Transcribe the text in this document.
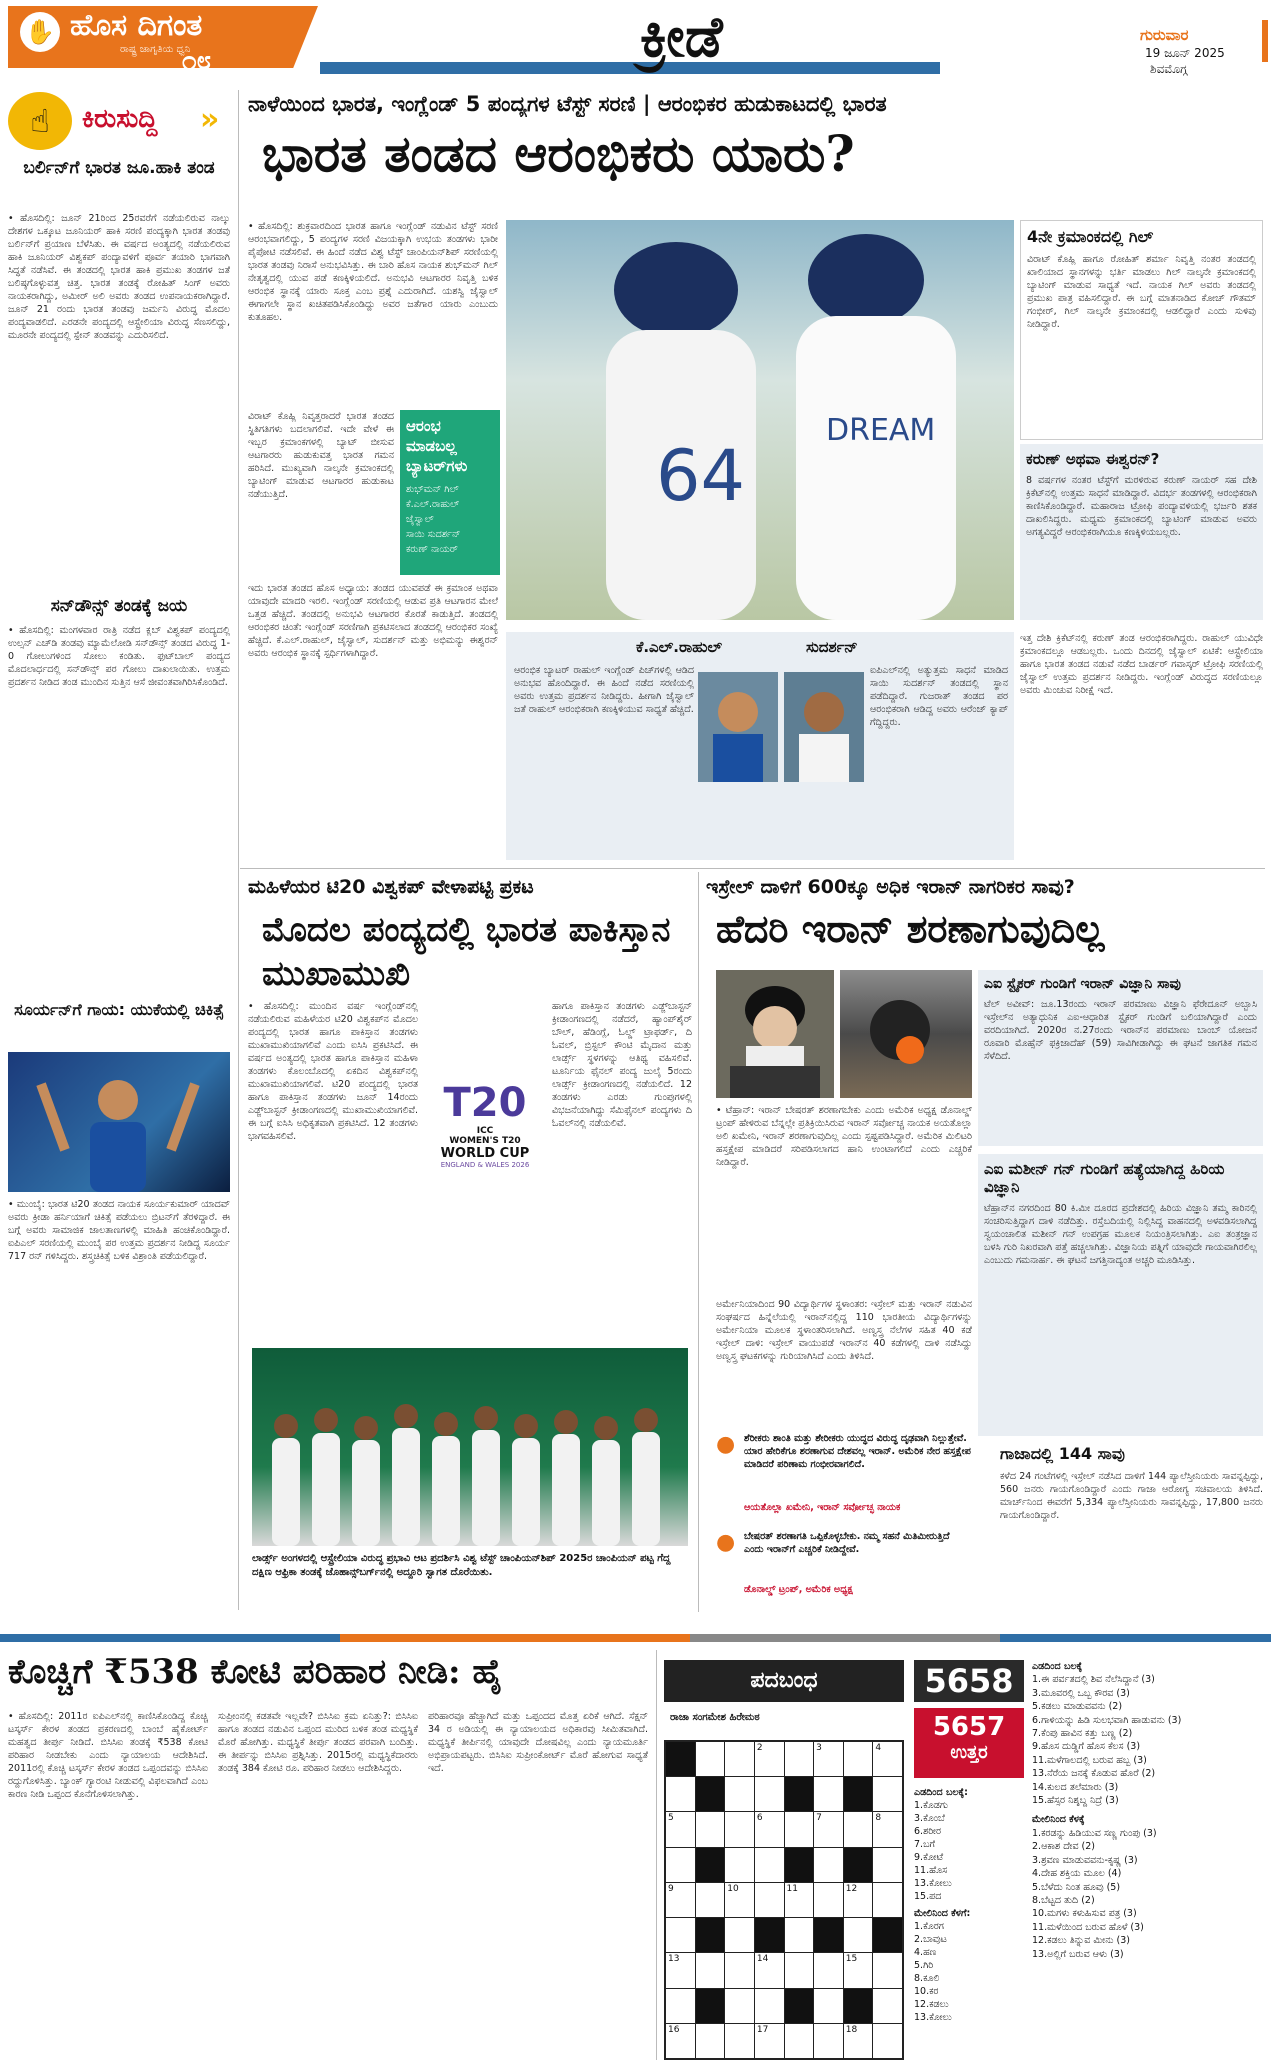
✋ ಹೊಸ ದಿಗಂತ
ರಾಷ್ಟ್ರ ಜಾಗೃತಿಯ ಧ್ವನಿ
೧೮	ಕ್ರೀಡೆ	ಗುರುವಾರ
19 ಜೂನ್ 2025
ಶಿವಮೊಗ್ಗ
☝	ಕಿರುಸುದ್ದಿ »
ಬರ್ಲಿನ್‌ಗೆ ಭಾರತ ಜೂ.ಹಾಕಿ ತಂಡ
• ಹೊಸದಿಲ್ಲಿ: ಜೂನ್ 21ರಿಂದ 25ರವರೆಗೆ ನಡೆಯಲಿರುವ ನಾಲ್ಕು ದೇಶಗಳ ಒಕ್ಕೂಟ ಜೂನಿಯರ್ ಹಾಕಿ ಸರಣಿ ಪಂದ್ಯಕ್ಕಾಗಿ ಭಾರತ ತಂಡವು ಬರ್ಲಿನ್‌ಗೆ ಪ್ರಯಾಣ ಬೆಳೆಸಿತು. ಈ ವರ್ಷದ ಅಂತ್ಯದಲ್ಲಿ ನಡೆಯಲಿರುವ ಹಾಕಿ ಜೂನಿಯರ್ ವಿಶ್ವಕಪ್ ಪಂದ್ಯಾವಳಿಗೆ ಪೂರ್ವ ತಯಾರಿ ಭಾಗವಾಗಿ ಸಿದ್ಧತೆ ನಡೆಸಿವೆ. ಈ ತಂಡದಲ್ಲಿ ಭಾರತ ಹಾಕಿ ಪ್ರಮುಖ ತಂಡಗಳ ಜತೆ ಬಲಿಷ್ಠಗೊಳ್ಳುವತ್ತ ಚಿತ್ತ. ಭಾರತ ತಂಡಕ್ಕೆ ರೋಹಿತ್ ಸಿಂಗ್ ಅವರು ನಾಯಕರಾಗಿದ್ದು, ಅಮೀರ್ ಅಲಿ ಅವರು ತಂಡದ ಉಪನಾಯಕರಾಗಿದ್ದಾರೆ. ಜೂನ್ 21 ರಂದು ಭಾರತ ತಂಡವು ಜರ್ಮನಿ ವಿರುದ್ಧ ಮೊದಲ ಪಂದ್ಯವಾಡಲಿದೆ. ಎರಡನೇ ಪಂದ್ಯದಲ್ಲಿ ಆಸ್ಟ್ರೇಲಿಯಾ ವಿರುದ್ಧ ಸೆಣಸಲಿದ್ದು, ಮೂರನೇ ಪಂದ್ಯದಲ್ಲಿ ಸ್ಪೇನ್ ತಂಡವನ್ನು ಎದುರಿಸಲಿದೆ.
ಸನ್‌ಡೌನ್ಸ್ ತಂಡಕ್ಕೆ ಜಯ
• ಹೊಸದಿಲ್ಲಿ: ಮಂಗಳವಾರ ರಾತ್ರಿ ನಡೆದ ಕ್ಲಬ್ ವಿಶ್ವಕಪ್ ಪಂದ್ಯದಲ್ಲಿ ಉಲ್ಸನ್ ಎಚ್‌ಡಿ ತಂಡವು ಮ್ಯಾಮೆಲೋಡಿ ಸನ್‌ಡೌನ್ಸ್ ತಂಡದ ವಿರುದ್ಧ 1-0 ಗೋಲುಗಳಿಂದ ಸೋಲು ಕಂಡಿತು. ಫುಟ್‌ಬಾಲ್ ಪಂದ್ಯದ ಮೊದಲಾರ್ಧದಲ್ಲಿ ಸನ್‌ಡೌನ್ಸ್ ಪರ ಗೋಲು ದಾಖಲಾಯಿತು. ಉತ್ತಮ ಪ್ರದರ್ಶನ ನೀಡಿದ ತಂಡ ಮುಂದಿನ ಸುತ್ತಿನ ಆಸೆ ಜೀವಂತವಾಗಿರಿಸಿಕೊಂಡಿದೆ.
ಸೂರ್ಯನ್‌ಗೆ ಗಾಯ: ಯುಕೆಯಲ್ಲಿ ಚಿಕಿತ್ಸೆ
• ಮುಂಬೈ: ಭಾರತ ಟಿ20 ತಂಡದ ನಾಯಕ ಸೂರ್ಯಕುಮಾರ್ ಯಾದವ್ ಅವರು ಕ್ರೀಡಾ ಹರ್ನಿಯಾಗೆ ಚಿಕಿತ್ಸೆ ಪಡೆಯಲು ಬ್ರಿಟನ್‌ಗೆ ತೆರಳಿದ್ದಾರೆ. ಈ ಬಗ್ಗೆ ಅವರು ಸಾಮಾಜಿಕ ಜಾಲತಾಣಗಳಲ್ಲಿ ಮಾಹಿತಿ ಹಂಚಿಕೊಂಡಿದ್ದಾರೆ. ಐಪಿಎಲ್ ಸರಣಿಯಲ್ಲಿ ಮುಂಬೈ ಪರ ಉತ್ತಮ ಪ್ರದರ್ಶನ ನೀಡಿದ್ದ ಸೂರ್ಯ 717 ರನ್ ಗಳಿಸಿದ್ದರು. ಶಸ್ತ್ರಚಿಕಿತ್ಸೆ ಬಳಿಕ ವಿಶ್ರಾಂತಿ ಪಡೆಯಲಿದ್ದಾರೆ.
ನಾಳೆಯಿಂದ ಭಾರತ, ಇಂಗ್ಲೆಂಡ್ 5 ಪಂದ್ಯಗಳ ಟೆಸ್ಟ್ ಸರಣಿ | ಆರಂಭಿಕರ ಹುಡುಕಾಟದಲ್ಲಿ ಭಾರತ
ಭಾರತ ತಂಡದ ಆರಂಭಿಕರು ಯಾರು?
• ಹೊಸದಿಲ್ಲಿ: ಶುಕ್ರವಾರದಿಂದ ಭಾರತ ಹಾಗೂ ಇಂಗ್ಲೆಂಡ್ ನಡುವಿನ ಟೆಸ್ಟ್ ಸರಣಿ ಆರಂಭವಾಗಲಿದ್ದು, 5 ಪಂದ್ಯಗಳ ಸರಣಿ ವಿಜಯಕ್ಕಾಗಿ ಉಭಯ ತಂಡಗಳು ಭಾರೀ ಪೈಪೋಟಿ ನಡೆಸಲಿವೆ. ಈ ಹಿಂದೆ ನಡೆದ ವಿಶ್ವ ಟೆಸ್ಟ್ ಚಾಂಪಿಯನ್‌ಶಿಪ್ ಸರಣಿಯಲ್ಲಿ ಭಾರತ ತಂಡವು ನಿರಾಸೆ ಅನುಭವಿಸಿತ್ತು. ಈ ಬಾರಿ ಹೊಸ ನಾಯಕ ಶುಭ್‌ಮನ್ ಗಿಲ್ ನೇತೃತ್ವದಲ್ಲಿ ಯುವ ಪಡೆ ಕಣಕ್ಕಿಳಿಯಲಿದೆ. ಅನುಭವಿ ಆಟಗಾರರ ನಿವೃತ್ತಿ ಬಳಿಕ ಆರಂಭಿಕ ಸ್ಥಾನಕ್ಕೆ ಯಾರು ಸೂಕ್ತ ಎಂಬ ಪ್ರಶ್ನೆ ಎದುರಾಗಿದೆ. ಯಶಸ್ವಿ ಜೈಸ್ವಾಲ್ ಈಗಾಗಲೇ ಸ್ಥಾನ ಖಚಿತಪಡಿಸಿಕೊಂಡಿದ್ದು ಅವರ ಜತೆಗಾರ ಯಾರು ಎಂಬುದು ಕುತೂಹಲ.
ಆರಂಭ ಮಾಡಬಲ್ಲ ಬ್ಯಾಟರ್‌ಗಳು
ಶುಭ್‌ಮನ್ ಗಿಲ್
ಕೆ.ಎಲ್.ರಾಹುಲ್
ಜೈಸ್ವಾಲ್
ಸಾಯಿ ಸುದರ್ಶನ್
ಕರುಣ್ ನಾಯರ್
ವಿರಾಟ್ ಕೊಹ್ಲಿ ನಿವೃತ್ತರಾದರೆ ಭಾರತ ತಂಡದ ಸ್ಥಿತಿಗತಿಗಳು ಬದಲಾಗಲಿವೆ. ಇದೇ ವೇಳೆ ಈ ಇಬ್ಬರ ಕ್ರಮಾಂಕಗಳಲ್ಲಿ ಬ್ಯಾಟ್ ಬೀಸುವ ಆಟಗಾರರು ಹುಡುಕುವತ್ತ ಭಾರತ ಗಮನ ಹರಿಸಿದೆ. ಮುಖ್ಯವಾಗಿ ನಾಲ್ಕನೇ ಕ್ರಮಾಂಕದಲ್ಲಿ ಬ್ಯಾಟಿಂಗ್ ಮಾಡುವ ಆಟಗಾರರ ಹುಡುಕಾಟ ನಡೆಯುತ್ತಿದೆ.
ಇದು ಭಾರತ ತಂಡದ ಹೊಸ ಅಧ್ಯಾಯ: ತಂಡದ ಯುವಪಡೆ ಈ ಕ್ರಮಾಂಕ ಅಥವಾ ಯಾವುದೇ ಮಾದರಿ ಇರಲಿ. ಇಂಗ್ಲೆಂಡ್ ಸರಣಿಯಲ್ಲಿ ಆಡುವ ಪ್ರತಿ ಆಟಗಾರನ ಮೇಲೆ ಒತ್ತಡ ಹೆಚ್ಚಿದೆ. ತಂಡದಲ್ಲಿ ಅನುಭವಿ ಆಟಗಾರರ ಕೊರತೆ ಕಾಡುತ್ತಿದೆ. ತಂಡದಲ್ಲಿ ಆರಂಭಿಕರ ಚಿಂತೆ: ಇಂಗ್ಲೆಂಡ್ ಸರಣಿಗಾಗಿ ಪ್ರಕಟಿಸಲಾದ ತಂಡದಲ್ಲಿ ಆರಂಭಿಕರ ಸಂಖ್ಯೆ ಹೆಚ್ಚಿದೆ. ಕೆ.ಎಲ್.ರಾಹುಲ್, ಜೈಸ್ವಾಲ್, ಸುದರ್ಶನ್ ಮತ್ತು ಅಭಿಮನ್ಯು ಈಶ್ವರನ್ ಅವರು ಆರಂಭಿಕ ಸ್ಥಾನಕ್ಕೆ ಸ್ಪರ್ಧಿಗಳಾಗಿದ್ದಾರೆ.
64
DREAM
4ನೇ ಕ್ರಮಾಂಕದಲ್ಲಿ ಗಿಲ್
ವಿರಾಟ್ ಕೊಹ್ಲಿ ಹಾಗೂ ರೋಹಿತ್ ಶರ್ಮಾ ನಿವೃತ್ತಿ ನಂತರ ತಂಡದಲ್ಲಿ ಖಾಲಿಯಾದ ಸ್ಥಾನಗಳನ್ನು ಭರ್ತಿ ಮಾಡಲು ಗಿಲ್ ನಾಲ್ಕನೇ ಕ್ರಮಾಂಕದಲ್ಲಿ ಬ್ಯಾಟಿಂಗ್ ಮಾಡುವ ಸಾಧ್ಯತೆ ಇದೆ. ನಾಯಕ ಗಿಲ್ ಅವರು ತಂಡದಲ್ಲಿ ಪ್ರಮುಖ ಪಾತ್ರ ವಹಿಸಲಿದ್ದಾರೆ. ಈ ಬಗ್ಗೆ ಮಾತನಾಡಿದ ಕೋಚ್ ಗೌತಮ್ ಗಂಭೀರ್, ಗಿಲ್ ನಾಲ್ಕನೇ ಕ್ರಮಾಂಕದಲ್ಲಿ ಆಡಲಿದ್ದಾರೆ ಎಂದು ಸುಳಿವು ನೀಡಿದ್ದಾರೆ.
ಕರುಣ್ ಅಥವಾ ಈಶ್ವರನ್?
8 ವರ್ಷಗಳ ನಂತರ ಟೆಸ್ಟ್‌ಗೆ ಮರಳಿರುವ ಕರುಣ್ ನಾಯರ್ ಸಹ ದೇಶಿ ಕ್ರಿಕೆಟ್‌ನಲ್ಲಿ ಉತ್ತಮ ಸಾಧನೆ ಮಾಡಿದ್ದಾರೆ. ವಿದರ್ಭ ತಂಡಗಳಲ್ಲಿ ಆರಂಭಿಕರಾಗಿ ಕಾಣಿಸಿಕೊಂಡಿದ್ದಾರೆ. ಮಹಾರಾಜ ಟ್ರೋಫಿ ಪಂದ್ಯಾವಳಿಯಲ್ಲಿ ಭರ್ಜರಿ ಶತಕ ದಾಖಲಿಸಿದ್ದರು. ಮಧ್ಯಮ ಕ್ರಮಾಂಕದಲ್ಲಿ ಬ್ಯಾಟಿಂಗ್ ಮಾಡುವ ಅವರು ಅಗತ್ಯವಿದ್ದರೆ ಆರಂಭಿಕರಾಗಿಯೂ ಕಣಕ್ಕಿಳಿಯಬಲ್ಲರು.
ಕೆ.ಎಲ್.ರಾಹುಲ್	ಸುದರ್ಶನ್
ಆರಂಭಿಕ ಬ್ಯಾಟರ್ ರಾಹುಲ್ ಇಂಗ್ಲೆಂಡ್ ಪಿಚ್‌ಗಳಲ್ಲಿ ಆಡಿದ ಅನುಭವ ಹೊಂದಿದ್ದಾರೆ. ಈ ಹಿಂದೆ ನಡೆದ ಸರಣಿಯಲ್ಲಿ ಅವರು ಉತ್ತಮ ಪ್ರದರ್ಶನ ನೀಡಿದ್ದರು. ಹೀಗಾಗಿ ಜೈಸ್ವಾಲ್ ಜತೆ ರಾಹುಲ್ ಆರಂಭಿಕರಾಗಿ ಕಣಕ್ಕಿಳಿಯುವ ಸಾಧ್ಯತೆ ಹೆಚ್ಚಿದೆ.
ಐಪಿಎಲ್‌ನಲ್ಲಿ ಅತ್ಯುತ್ತಮ ಸಾಧನೆ ಮಾಡಿದ ಸಾಯಿ ಸುದರ್ಶನ್ ತಂಡದಲ್ಲಿ ಸ್ಥಾನ ಪಡೆದಿದ್ದಾರೆ. ಗುಜರಾತ್ ತಂಡದ ಪರ ಆರಂಭಿಕರಾಗಿ ಆಡಿದ್ದ ಅವರು ಆರೆಂಜ್ ಕ್ಯಾಪ್ ಗೆದ್ದಿದ್ದರು.
ಇತ್ತ ದೇಶಿ ಕ್ರಿಕೆಟ್‌ನಲ್ಲಿ ಕರುಣ್ ತಂಡ ಆರಂಭಿಕರಾಗಿದ್ದರು. ರಾಹುಲ್ ಯುವಿಧೇ ಕ್ರಮಾಂಕದಲ್ಲೂ ಆಡಬಲ್ಲರು. ಒಂದು ದಿನದಲ್ಲಿ ಜೈಸ್ವಾಲ್ ಏಟಿಕೆ: ಆಸ್ಟ್ರೇಲಿಯಾ ಹಾಗೂ ಭಾರತ ತಂಡದ ನಡುವೆ ನಡೆದ ಬಾರ್ಡರ್ ಗವಾಸ್ಕರ್ ಟ್ರೋಫಿ ಸರಣಿಯಲ್ಲಿ ಜೈಸ್ವಾಲ್ ಉತ್ತಮ ಪ್ರದರ್ಶನ ನೀಡಿದ್ದರು. ಇಂಗ್ಲೆಂಡ್ ವಿರುದ್ಧದ ಸರಣಿಯಲ್ಲೂ ಅವರು ಮಿಂಚುವ ನಿರೀಕ್ಷೆ ಇದೆ.
ಮಹಿಳೆಯರ ಟಿ20 ವಿಶ್ವಕಪ್ ವೇಳಾಪಟ್ಟಿ ಪ್ರಕಟ
ಮೊದಲ ಪಂದ್ಯದಲ್ಲಿ ಭಾರತ ಪಾಕಿಸ್ತಾನ ಮುಖಾಮುಖಿ
• ಹೊಸದಿಲ್ಲಿ: ಮುಂದಿನ ವರ್ಷ ಇಂಗ್ಲೆಂಡ್‌ನಲ್ಲಿ ನಡೆಯಲಿರುವ ಮಹಿಳೆಯರ ಟಿ20 ವಿಶ್ವಕಪ್‌ನ ಮೊದಲ ಪಂದ್ಯದಲ್ಲಿ ಭಾರತ ಹಾಗೂ ಪಾಕಿಸ್ತಾನ ತಂಡಗಳು ಮುಖಾಮುಖಿಯಾಗಲಿವೆ ಎಂದು ಐಸಿಸಿ ಪ್ರಕಟಿಸಿದೆ. ಈ ವರ್ಷದ ಅಂತ್ಯದಲ್ಲಿ ಭಾರತ ಹಾಗೂ ಪಾಕಿಸ್ತಾನ ಮಹಿಳಾ ತಂಡಗಳು ಕೊಲಂಬೊದಲ್ಲಿ ಏಕದಿನ ವಿಶ್ವಕಪ್‌ನಲ್ಲಿ ಮುಖಾಮುಖಿಯಾಗಲಿವೆ. ಟಿ20 ಪಂದ್ಯದಲ್ಲಿ ಭಾರತ ಹಾಗೂ ಪಾಕಿಸ್ತಾನ ತಂಡಗಳು ಜೂನ್ 14ರಂದು ಎಡ್ಜ್‌ಬಾಸ್ಟನ್ ಕ್ರೀಡಾಂಗಣದಲ್ಲಿ ಮುಖಾಮುಖಿಯಾಗಲಿವೆ. ಈ ಬಗ್ಗೆ ಐಸಿಸಿ ಅಧಿಕೃತವಾಗಿ ಪ್ರಕಟಿಸಿದೆ. 12 ತಂಡಗಳು ಭಾಗವಹಿಸಲಿವೆ.
T20
ICC
WOMEN'S T20
WORLD CUP
ENGLAND & WALES 2026
ಹಾಗೂ ಪಾಕಿಸ್ತಾನ ತಂಡಗಳು ಎಡ್ಜ್‌ಬಾಸ್ಟನ್ ಕ್ರೀಡಾಂಗಣದಲ್ಲಿ ನಡೆದರೆ, ಹ್ಯಾಂಪ್‌ಶೈರ್ ಬೌಲ್, ಹೆಡಿಂಗ್ಲೆ, ಓಲ್ಡ್ ಟ್ರಾಫರ್ಡ್, ದಿ ಓವಲ್, ಬ್ರಿಸ್ಟಲ್ ಕೌಂಟಿ ಮೈದಾನ ಮತ್ತು ಲಾರ್ಡ್ಸ್ ಸ್ಥಳಗಳನ್ನು ಆತಿಥ್ಯ ವಹಿಸಲಿವೆ. ಟೂರ್ನಿಯ ಫೈನಲ್ ಪಂದ್ಯ ಜುಲೈ 5ರಂದು ಲಾರ್ಡ್ಸ್ ಕ್ರೀಡಾಂಗಣದಲ್ಲಿ ನಡೆಯಲಿದೆ. 12 ತಂಡಗಳು ಎರಡು ಗುಂಪುಗಳಲ್ಲಿ ವಿಭಜನೆಯಾಗಿದ್ದು ಸೆಮಿಫೈನಲ್ ಪಂದ್ಯಗಳು ದಿ ಓವಲ್‌ನಲ್ಲಿ ನಡೆಯಲಿವೆ.
ಲಾರ್ಡ್ಸ್ ಅಂಗಳದಲ್ಲಿ ಆಸ್ಟ್ರೇಲಿಯಾ ವಿರುದ್ಧ ಪ್ರಭಾವಿ ಆಟ ಪ್ರದರ್ಶಿಸಿ ವಿಶ್ವ ಟೆಸ್ಟ್ ಚಾಂಪಿಯನ್‌ಶಿಪ್ 2025ರ ಚಾಂಪಿಯನ್ ಪಟ್ಟ ಗೆದ್ದ ದಕ್ಷಿಣ ಆಫ್ರಿಕಾ ತಂಡಕ್ಕೆ ಜೊಹಾನ್ಸ್‌ಬರ್ಗ್‌ನಲ್ಲಿ ಅದ್ದೂರಿ ಸ್ವಾಗತ ದೊರೆಯಿತು.
ಇಸ್ರೇಲ್ ದಾಳಿಗೆ 600ಕ್ಕೂ ಅಧಿಕ ಇರಾನ್ ನಾಗರಿಕರ ಸಾವು?
ಹೆದರಿ ಇರಾನ್ ಶರಣಾಗುವುದಿಲ್ಲ
• ಟೆಹ್ರಾನ್: ಇರಾನ್ ಬೇಷರತ್ ಶರಣಾಗಬೇಕು ಎಂದು ಅಮೆರಿಕ ಅಧ್ಯಕ್ಷ ಡೊನಾಲ್ಡ್ ಟ್ರಂಪ್ ಹೇಳಿರುವ ಬೆನ್ನಲ್ಲೇ ಪ್ರತಿಕ್ರಿಯಿಸಿರುವ ಇರಾನ್ ಸರ್ವೋಚ್ಚ ನಾಯಕ ಅಯತೊಲ್ಲಾ ಅಲಿ ಖಮೇನಿ, ಇರಾನ್ ಶರಣಾಗುವುದಿಲ್ಲ ಎಂದು ಸ್ಪಷ್ಟಪಡಿಸಿದ್ದಾರೆ. ಅಮೆರಿಕ ಮಿಲಿಟರಿ ಹಸ್ತಕ್ಷೇಪ ಮಾಡಿದರೆ ಸರಿಪಡಿಸಲಾಗದ ಹಾನಿ ಉಂಟಾಗಲಿದೆ ಎಂದು ಎಚ್ಚರಿಕೆ ನೀಡಿದ್ದಾರೆ.
ಅರ್ಮೇನಿಯಾದಿಂದ 90 ವಿದ್ಯಾರ್ಥಿಗಳ ಸ್ಥಳಾಂತರ: ಇಸ್ರೇಲ್ ಮತ್ತು ಇರಾನ್ ನಡುವಿನ ಸಂಘರ್ಷದ ಹಿನ್ನೆಲೆಯಲ್ಲಿ ಇರಾನ್‌ನಲ್ಲಿದ್ದ 110 ಭಾರತೀಯ ವಿದ್ಯಾರ್ಥಿಗಳನ್ನು ಅರ್ಮೇನಿಯಾ ಮೂಲಕ ಸ್ಥಳಾಂತರಿಸಲಾಗಿದೆ. ಅಣ್ವಸ್ತ್ರ ನೆಲೆಗಳ ಸಹಿತ 40 ಕಡೆ ಇಸ್ರೇಲ್ ದಾಳಿ: ಇಸ್ರೇಲ್ ವಾಯುಪಡೆ ಇರಾನ್‌ನ 40 ಕಡೆಗಳಲ್ಲಿ ದಾಳಿ ನಡೆಸಿದ್ದು ಅಣ್ವಸ್ತ್ರ ಘಟಕಗಳನ್ನು ಗುರಿಯಾಗಿಸಿದೆ ಎಂದು ತಿಳಿಸಿದೆ.
ಎಐ ಸ್ಟೈಕರ್ ಗುಂಡಿಗೆ ಇರಾನ್ ವಿಜ್ಞಾನಿ ಸಾವು
ಟೆಲ್ ಅವೀವ್: ಜೂ.13ರಂದು ಇರಾನ್ ಪರಮಾಣು ವಿಜ್ಞಾನಿ ಫೆರೇದೂನ್ ಅಬ್ಬಾಸಿ ಇಸ್ರೇಲ್‌ನ ಅತ್ಯಾಧುನಿಕ ಎಐ-ಆಧಾರಿತ ಸ್ಟೈಕರ್ ಗುಂಡಿಗೆ ಬಲಿಯಾಗಿದ್ದಾರೆ ಎಂದು ವರದಿಯಾಗಿದೆ. 2020ರ ನ.27ರಂದು ಇರಾನ್‌ನ ಪರಮಾಣು ಬಾಂಬ್ ಯೋಜನೆ ರೂವಾರಿ ಮೊಹ್ಸೆನ್ ಫಕ್ರಿಜಾದೆಹ್ (59) ಸಾವಿಗೀಡಾಗಿದ್ದು ಈ ಘಟನೆ ಜಾಗತಿಕ ಗಮನ ಸೆಳೆದಿದೆ.
ಎಐ ಮಶೀನ್ ಗನ್ ಗುಂಡಿಗೆ ಹತ್ಯೆಯಾಗಿದ್ದ ಹಿರಿಯ ವಿಜ್ಞಾನಿ
ಟೆಹ್ರಾನ್‌ನ ನಗರದಿಂದ 80 ಕಿ.ಮೀ ದೂರದ ಪ್ರದೇಶದಲ್ಲಿ ಹಿರಿಯ ವಿಜ್ಞಾನಿ ತಮ್ಮ ಕಾರಿನಲ್ಲಿ ಸಂಚರಿಸುತ್ತಿದ್ದಾಗ ದಾಳಿ ನಡೆದಿತ್ತು. ರಸ್ತೆಬದಿಯಲ್ಲಿ ನಿಲ್ಲಿಸಿದ್ದ ವಾಹನದಲ್ಲಿ ಅಳವಡಿಸಲಾಗಿದ್ದ ಸ್ವಯಂಚಾಲಿತ ಮಶೀನ್ ಗನ್ ಉಪಗ್ರಹ ಮೂಲಕ ನಿಯಂತ್ರಿಸಲಾಗಿತ್ತು. ಎಐ ತಂತ್ರಜ್ಞಾನ ಬಳಸಿ ಗುರಿ ನಿಖರವಾಗಿ ಪತ್ತೆ ಹಚ್ಚಲಾಗಿತ್ತು. ವಿಜ್ಞಾನಿಯ ಪತ್ನಿಗೆ ಯಾವುದೇ ಗಾಯವಾಗಿರಲಿಲ್ಲ ಎಂಬುದು ಗಮನಾರ್ಹ. ಈ ಘಟನೆ ಜಗತ್ತಿನಾದ್ಯಂತ ಅಚ್ಚರಿ ಮೂಡಿಸಿತ್ತು.
● ಶೆರೀಕರು ಶಾಂತಿ ಮತ್ತು ಶೇರೀಕರು ಯುದ್ಧದ ವಿರುದ್ಧ ದೃಢವಾಗಿ ನಿಲ್ಲುತ್ತೇವೆ. ಯಾರ ಹೇರಿಕೆಗೂ ಶರಣಾಗುವ ದೇಶವಲ್ಲ ಇರಾನ್. ಅಮೆರಿಕ ನೇರ ಹಸ್ತಕ್ಷೇಪ ಮಾಡಿದರೆ ಪರಿಣಾಮ ಗಂಭೀರವಾಗಲಿದೆ.
ಆಯತೊಲ್ಲಾ ಖಮೇನಿ, ಇರಾನ್ ಸರ್ವೋಚ್ಛ ನಾಯಕ
● ಬೇಷರತ್ ಶರಣಾಗತಿ ಒಪ್ಪಿಕೊಳ್ಳಬೇಕು. ನಮ್ಮ ಸಹನೆ ಮಿತಿಮೀರುತ್ತಿದೆ ಎಂದು ಇರಾನ್‌ಗೆ ಎಚ್ಚರಿಕೆ ನೀಡಿದ್ದೇವೆ.
ಡೊನಾಲ್ಡ್ ಟ್ರಂಪ್, ಅಮೆರಿಕ ಅಧ್ಯಕ್ಷ
ಗಾಜಾದಲ್ಲಿ 144 ಸಾವು
ಕಳೆದ 24 ಗಂಟೆಗಳಲ್ಲಿ ಇಸ್ರೇಲ್ ನಡೆಸಿದ ದಾಳಿಗೆ 144 ಪ್ಯಾಲೆಸ್ತೀನಿಯರು ಸಾವನ್ನಪ್ಪಿದ್ದು, 560 ಜನರು ಗಾಯಗೊಂಡಿದ್ದಾರೆ ಎಂದು ಗಾಜಾ ಆರೋಗ್ಯ ಸಚಿವಾಲಯ ತಿಳಿಸಿದೆ. ಮಾರ್ಚ್‌ನಿಂದ ಈವರೆಗೆ 5,334 ಪ್ಯಾಲೆಸ್ತೀನಿಯರು ಸಾವನ್ನಪ್ಪಿದ್ದು, 17,800 ಜನರು ಗಾಯಗೊಂಡಿದ್ದಾರೆ.
ಕೊಚ್ಚಿಗೆ ₹538 ಕೋಟಿ ಪರಿಹಾರ ನೀಡಿ: ಹೈ
• ಹೊಸದಿಲ್ಲಿ: 2011ರ ಐಪಿಎಲ್‌ನಲ್ಲಿ ಕಾಣಿಸಿಕೊಂಡಿದ್ದ ಕೊಚ್ಚಿ ಟಸ್ಕರ್ಸ್ ಕೇರಳ ತಂಡದ ಪ್ರಕರಣದಲ್ಲಿ ಬಾಂಬೆ ಹೈಕೋರ್ಟ್ ಮಹತ್ವದ ತೀರ್ಪು ನೀಡಿದೆ. ಬಿಸಿಸಿಐ ತಂಡಕ್ಕೆ ₹538 ಕೋಟಿ ಪರಿಹಾರ ನೀಡಬೇಕು ಎಂದು ನ್ಯಾಯಾಲಯ ಆದೇಶಿಸಿದೆ. 2011ರಲ್ಲಿ ಕೊಚ್ಚಿ ಟಸ್ಕರ್ಸ್ ಕೇರಳ ತಂಡದ ಒಪ್ಪಂದವನ್ನು ಬಿಸಿಸಿಐ ರದ್ದುಗೊಳಿಸಿತ್ತು. ಬ್ಯಾಂಕ್ ಗ್ಯಾರಂಟಿ ನೀಡುವಲ್ಲಿ ವಿಫಲವಾಗಿದೆ ಎಂಬ ಕಾರಣ ನೀಡಿ ಒಪ್ಪಂದ ಕೊನೆಗೊಳಿಸಲಾಗಿತ್ತು.
ಸುಪ್ರೀಂನಲ್ಲಿ ಕಡತವೇ ಇಲ್ಲವೇ? ಬಿಸಿಸಿಐ ಕ್ರಮ ಏನಿತ್ತು?: ಬಿಸಿಸಿಐ ಹಾಗೂ ತಂಡದ ನಡುವಿನ ಒಪ್ಪಂದ ಮುರಿದ ಬಳಿಕ ತಂಡ ಮಧ್ಯಸ್ಥಿಕೆ ಮೊರೆ ಹೋಗಿತ್ತು. ಮಧ್ಯಸ್ಥಿಕೆ ತೀರ್ಪು ತಂಡದ ಪರವಾಗಿ ಬಂದಿತ್ತು. ಈ ತೀರ್ಪನ್ನು ಬಿಸಿಸಿಐ ಪ್ರಶ್ನಿಸಿತ್ತು. 2015ರಲ್ಲಿ ಮಧ್ಯಸ್ಥಿಕೆದಾರರು ತಂಡಕ್ಕೆ 384 ಕೋಟಿ ರೂ. ಪರಿಹಾರ ನೀಡಲು ಆದೇಶಿಸಿದ್ದರು.
ಪರಿಹಾರವೂ ಹೆಚ್ಚಾಗಿದೆ ಮತ್ತು ಒಪ್ಪಂದದ ಮೊತ್ತ ಏರಿಕೆ ಆಗಿದೆ. ಸೆಕ್ಷನ್ 34 ರ ಅಡಿಯಲ್ಲಿ ಈ ನ್ಯಾಯಾಲಯದ ಅಧಿಕಾರವು ಸೀಮಿತವಾಗಿದೆ. ಮಧ್ಯಸ್ಥಿಕೆ ತೀರ್ಪಿನಲ್ಲಿ ಯಾವುದೇ ದೋಷವಿಲ್ಲ ಎಂದು ನ್ಯಾಯಮೂರ್ತಿ ಅಭಿಪ್ರಾಯಪಟ್ಟರು. ಬಿಸಿಸಿಐ ಸುಪ್ರೀಂಕೋರ್ಟ್ ಮೊರೆ ಹೋಗುವ ಸಾಧ್ಯತೆ ಇದೆ.
ಪದಬಂಧ
ರಾಜಾ ಸಂಗಮೇಶ ಹಿರೇಮಠ
2	3	4
5	6	7	8
9	10	11	12
13	14	15
16	17	18
5658
5657
ಉತ್ತರ
ಎಡದಿಂದ ಬಲಕ್ಕೆ:
1.ಕೊಡಗು
3.ಕೊಂಬೆ
6.ಶರೀರ
7.ಬಗೆ
9.ಕೋಟೆ
11.ಹೊಸ
13.ಕೋಲು
15.ಪದ
ಮೇಲಿನಿಂದ ಕೆಳಗೆ:
1.ಕೊರಗ
2.ಬಾವುಟ
4.ಹಣ
5.ಗಿರಿ
8.ಕೂಲಿ
10.ಕರ
12.ಕಡಲು
13.ಕೋಲು
ಎಡದಿಂದ ಬಲಕ್ಕೆ
1.ಈ ಪರ್ವತದಲ್ಲಿ ಶಿವ ನೆಲೆಸಿದ್ದಾನೆ (3)
3.ಮೂವರಲ್ಲಿ ಒಬ್ಬ ಕೌರವ (3)
5.ಕಡಲು ಮಾಡುವವನು (2)
6.ಗಾಳಿಯನ್ನು ಹಿಡಿ ಸುಲಭವಾಗಿ ಹಾಡುವನು (3)
7.ಕೆಂಪು ಹಾವಿನ ಕತ್ತು ಬಣ್ಣ (2)
9.ಹೊಸ ದುಡ್ಡಿಗೆ ಹೊಸ ಕೆಲಸ (3)
11.ಮಳೆಗಾಲದಲ್ಲಿ ಬರುವ ಹಬ್ಬ (3)
13.ನೆರೆಯ ಜನಕ್ಕೆ ಕೊಡುವ ಹೊರೆ (2)
14.ಕುಲದ ತಲೆಮಾರು (3)
15.ಹೆಸ್ಸರ ನಿಶ್ಶಬ್ದ ನಿದ್ರೆ (3)
ಮೇಲಿನಿಂದ ಕೆಳಕ್ಕೆ
1.ಕರಡನ್ನು ಹಿಡಿಯುವ ಸಣ್ಣ ಗುಂಪು (3)
2.ಆಕಾಶ ದೇವ (2)
3.ಶ್ರವಣ ಮಾಡುವವನು-ಕೃಷ್ಣ (3)
4.ದೇಹ ಶಕ್ತಿಯ ಮೂಲ (4)
5.ಬೆಳೆದು ನಿಂತ ಹೂವು (5)
8.ಬೆಟ್ಟದ ತುದಿ (2)
10.ಮಗಳು ಕಳುಹಿಸುವ ಪತ್ರ (3)
11.ಮಳೆಯಿಂದ ಬರುವ ಹೊಳೆ (3)
12.ಕಡಲು ತಿನ್ನುವ ಮೀನು (3)
13.ಅಲ್ಲಿಗೆ ಬರುವ ಆಳು (3)
